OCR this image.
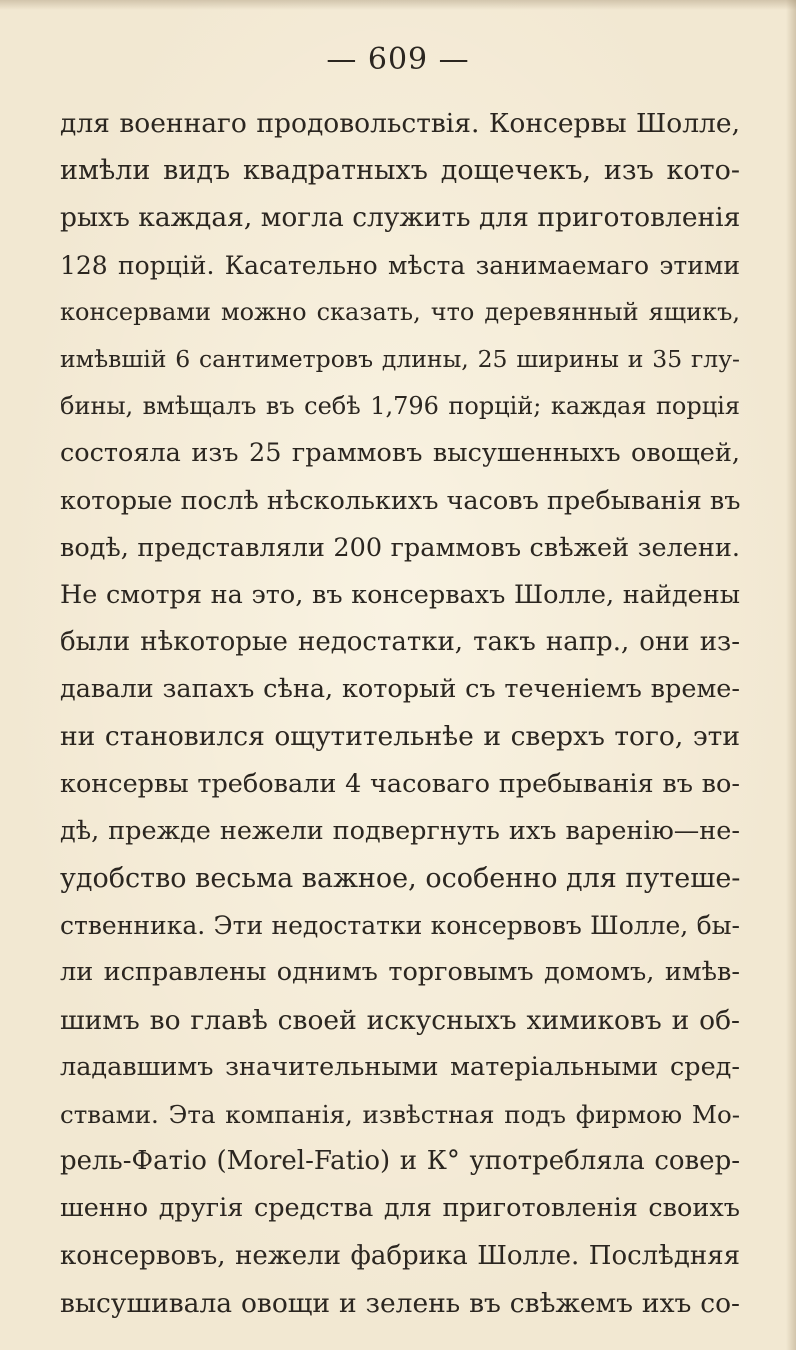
— 609 —
для военнаго продовольствія. Консервы Шолле,
имѣли видъ квадратныхъ дощечекъ, изъ кото-
рыхъ каждая, могла служить для приготовленія
128 порцій. Касательно мѣста занимаемаго этими
консервами можно сказать, что деревянный ящикъ,
имѣвшій 6 сантиметровъ длины, 25 ширины и 35 глу-
бины, вмѣщалъ въ себѣ 1,796 порцій; каждая порція
состояла изъ 25 граммовъ высушенныхъ овощей,
которые послѣ нѣсколькихъ часовъ пребыванія въ
водѣ, представляли 200 граммовъ свѣжей зелени.
Не смотря на это, въ консервахъ Шолле, найдены
были нѣкоторые недостатки, такъ напр., они из-
давали запахъ сѣна, который съ теченіемъ време-
ни становился ощутительнѣе и сверхъ того, эти
консервы требовали 4 часоваго пребыванія въ во-
дѣ, прежде нежели подвергнуть ихъ варенію—не-
удобство весьма важное, особенно для путеше-
ственника. Эти недостатки консервовъ Шолле, бы-
ли исправлены однимъ торговымъ домомъ, имѣв-
шимъ во главѣ своей искусныхъ химиковъ и об-
ладавшимъ значительными матеріальными сред-
ствами. Эта компанія, извѣстная подъ фирмою Мо-
рель-Фатіо (Morel-Fatio) и К° употребляла совер-
шенно другія средства для приготовленія своихъ
консервовъ, нежели фабрика Шолле. Послѣдняя
высушивала овощи и зелень въ свѣжемъ ихъ со-
